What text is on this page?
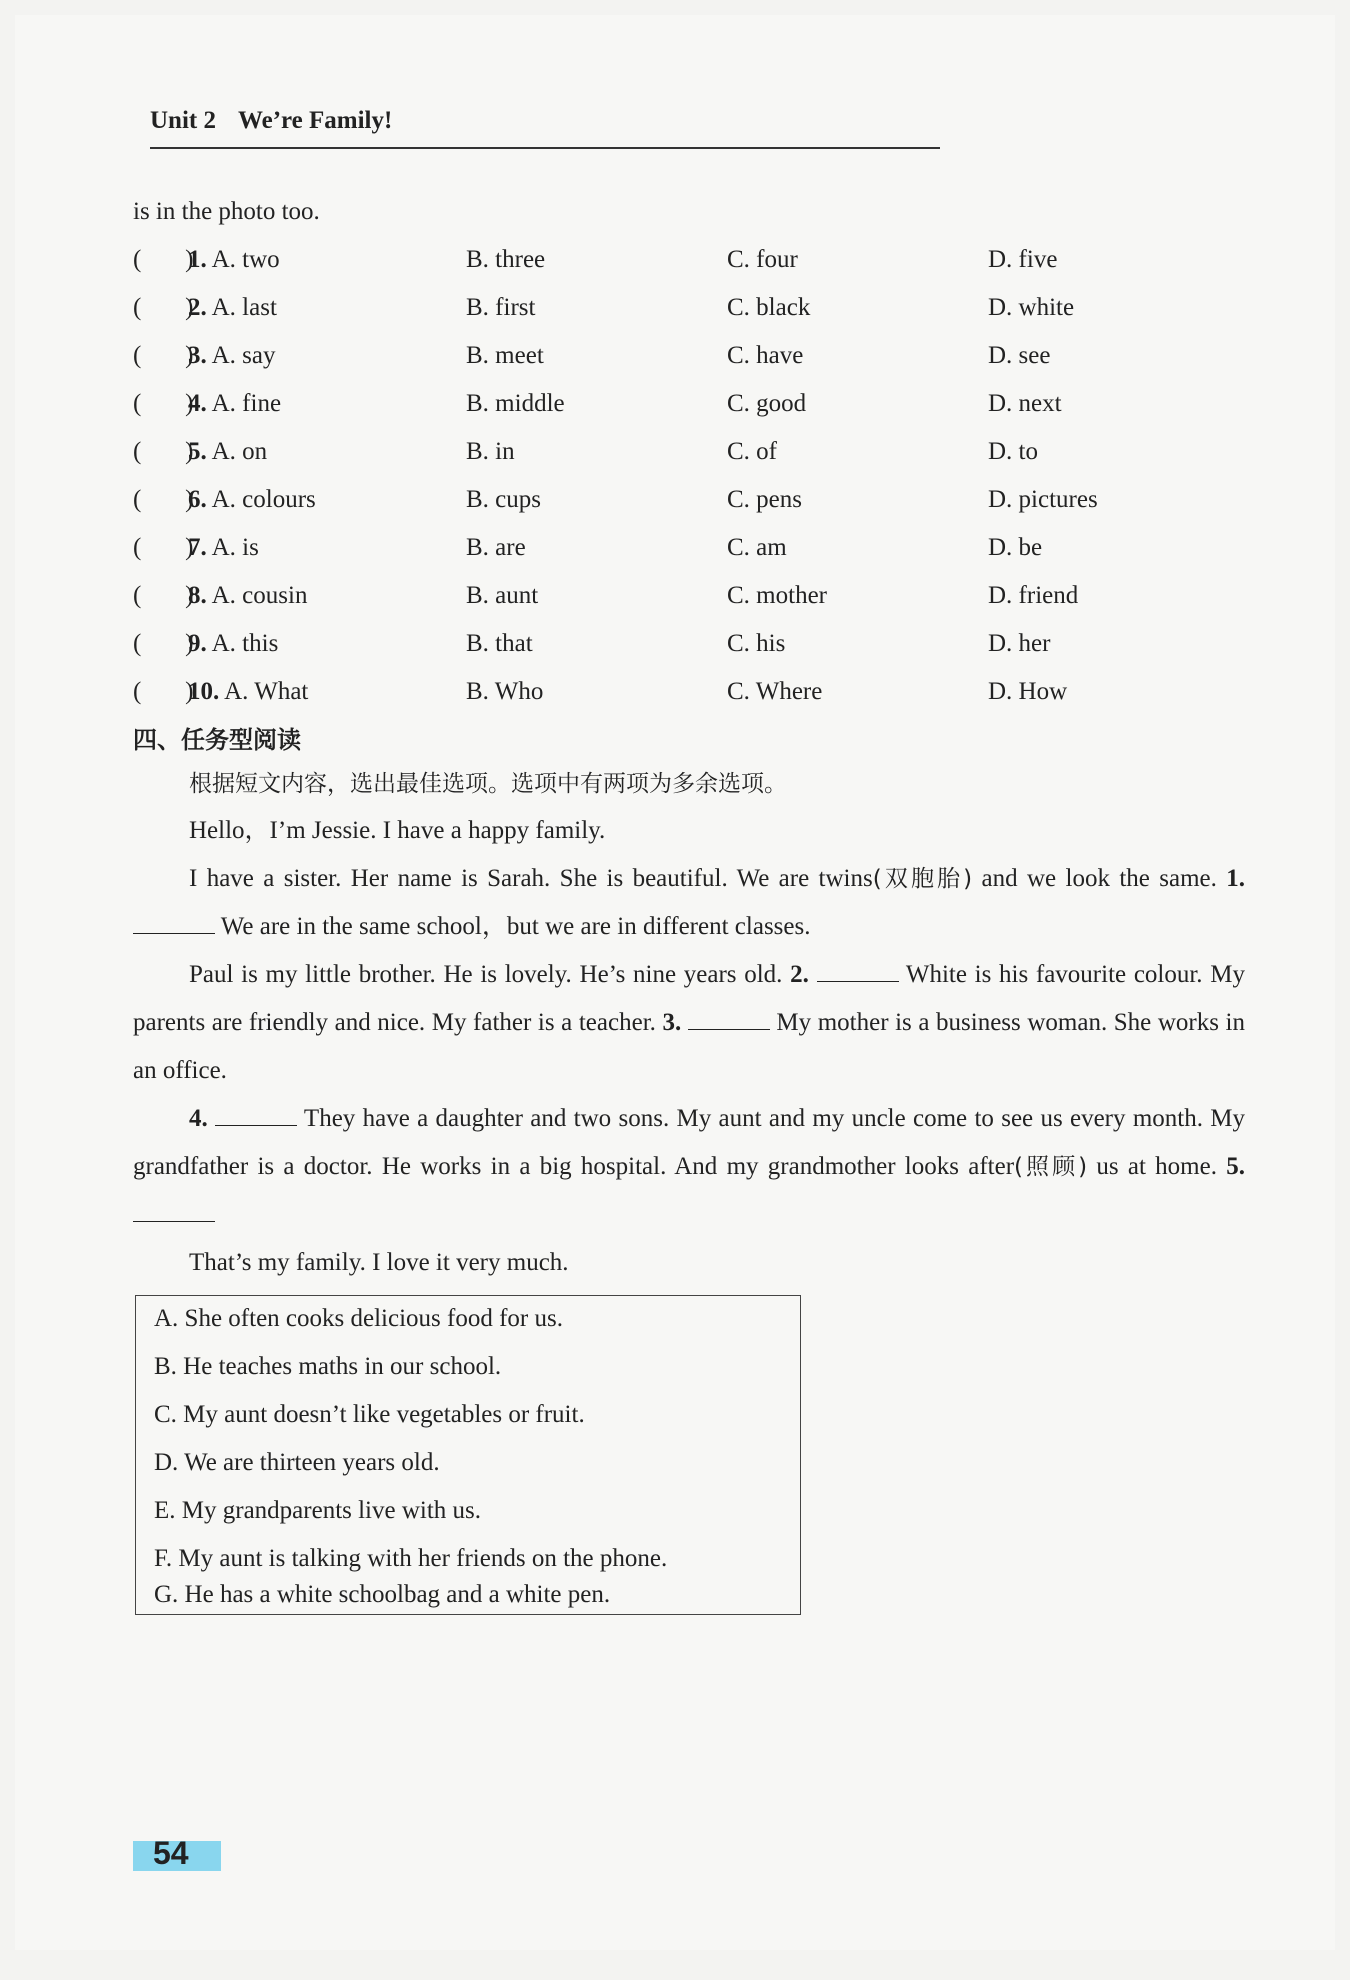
Unit 2 We’re Family!
is in the photo too.
(       )
1. A. two	B. three	C. four	D. five
(       )
2. A. last	B. first	C. black	D. white
(       )
3. A. say	B. meet	C. have	D. see
(       )
4. A. fine	B. middle	C. good	D. next
(       )
5. A. on	B. in	C. of	D. to
(       )
6. A. colours	B. cups	C. pens	D. pictures
(       )
7. A. is	B. are	C. am	D. be
(       )
8. A. cousin	B. aunt	C. mother	D. friend
(       )
9. A. this	B. that	C. his	D. her
(       )
10. A. What	B. Who	C. Where	D. How
四、任务型阅读
根据短文内容，选出最佳选项。选项中有两项为多余选项。
Hello，I’m Jessie. I have a happy family.
I have a sister. Her name is Sarah. She is beautiful. We are twins(双胞胎) and we look the same. 1.  We are in the same school，but we are in different classes.
Paul is my little brother. He is lovely. He’s nine years old. 2.	White is his favourite colour. My parents are friendly and nice. My father is a teacher. 3.	My mother is a business woman. She works in an office.
4.	They have a daughter and two sons. My aunt and my uncle come to see us every month. My grandfather is a doctor. He works in a big hospital. And my grandmother looks after(照顾) us at home. 5.
That’s my family. I love it very much.
A. She often cooks delicious food for us.
B. He teaches maths in our school.
C. My aunt doesn’t like vegetables or fruit.
D. We are thirteen years old.
E. My grandparents live with us.
F. My aunt is talking with her friends on the phone.
G. He has a white schoolbag and a white pen.
54
